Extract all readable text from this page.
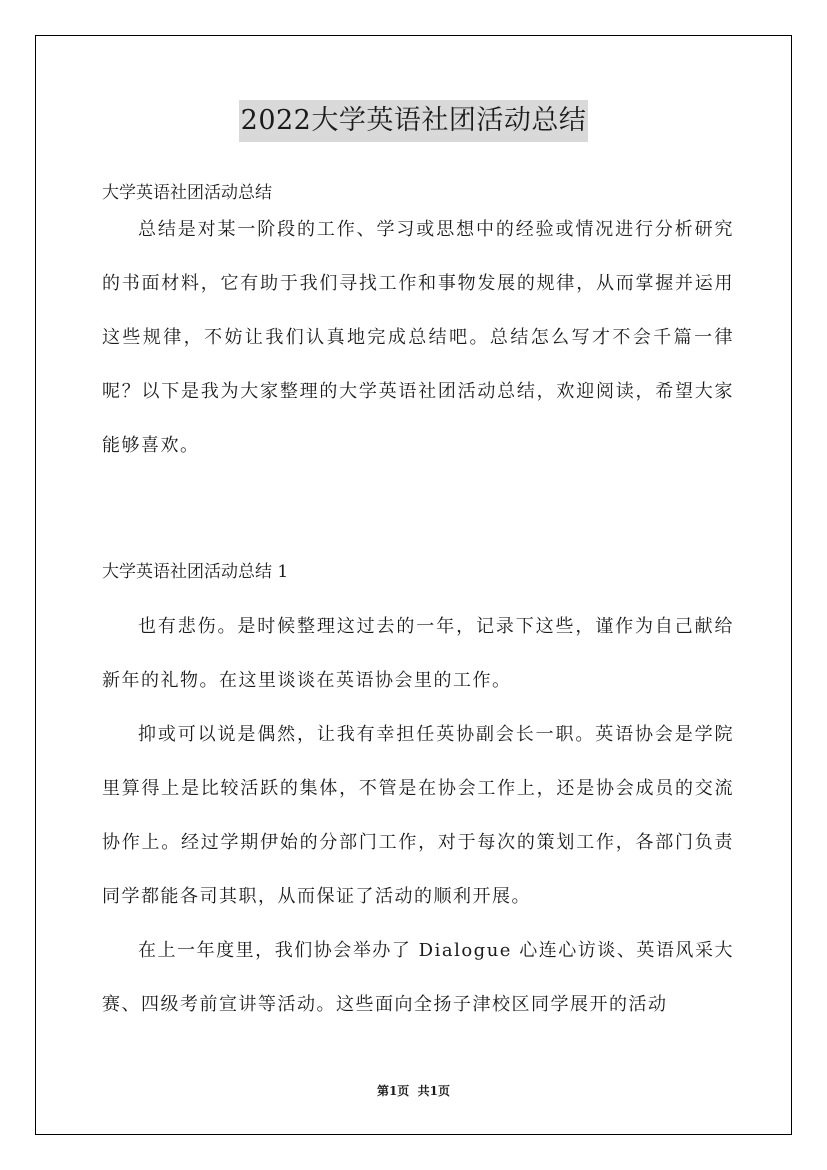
2022大学英语社团活动总结

大学英语社团活动总结

总结是对某一阶段的工作、学习或思想中的经验或情况进行分析研究的书面材料，它有助于我们寻找工作和事物发展的规律，从而掌握并运用这些规律，不妨让我们认真地完成总结吧。总结怎么写才不会千篇一律呢？以下是我为大家整理的大学英语社团活动总结，欢迎阅读，希望大家能够喜欢。

大学英语社团活动总结 1

也有悲伤。是时候整理这过去的一年，记录下这些，谨作为自己献给新年的礼物。在这里谈谈在英语协会里的工作。

抑或可以说是偶然，让我有幸担任英协副会长一职。英语协会是学院里算得上是比较活跃的集体，不管是在协会工作上，还是协会成员的交流协作上。经过学期伊始的分部门工作，对于每次的策划工作，各部门负责同学都能各司其职，从而保证了活动的顺利开展。

在上一年度里，我们协会举办了 Dialogue 心连心访谈、英语风采大赛、四级考前宣讲等活动。这些面向全扬子津校区同学展开的活动

第1页 共1页
